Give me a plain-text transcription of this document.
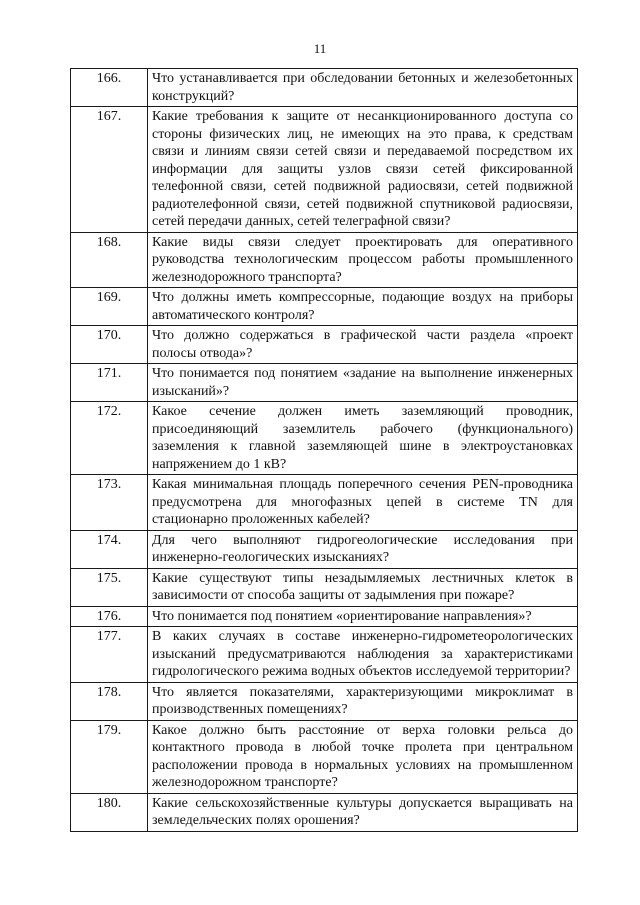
11
166.	Что устанавливается при обследовании бетонных и железобетонных конструкций?
167.	Какие требования к защите от несанкционированного доступа со стороны физических лиц, не имеющих на это права, к средствам связи и линиям связи сетей связи и передаваемой посредством их информации для защиты узлов связи сетей фиксированной телефонной связи, сетей подвижной радиосвязи, сетей подвижной радиотелефонной связи, сетей подвижной спутниковой радиосвязи, сетей передачи данных, сетей телеграфной связи?
168.	Какие виды связи следует проектировать для оперативного руководства технологическим процессом работы промышленного железнодорожного транспорта?
169.	Что должны иметь компрессорные, подающие воздух на приборы автоматического контроля?
170.	Что должно содержаться в графической части раздела «проект полосы отвода»?
171.	Что понимается под понятием «задание на выполнение инженерных изысканий»?
172.	Какое сечение должен иметь заземляющий проводник, присоединяющий заземлитель рабочего (функционального) заземления к главной заземляющей шине в электроустановках напряжением до 1 кВ?
173.	Какая минимальная площадь поперечного сечения PEN-проводника предусмотрена для многофазных цепей в системе TN для стационарно проложенных кабелей?
174.	Для чего выполняют гидрогеологические исследования при инженерно-геологических изысканиях?
175.	Какие существуют типы незадымляемых лестничных клеток в зависимости от способа защиты от задымления при пожаре?
176.	Что понимается под понятием «ориентирование направления»?
177.	В каких случаях в составе инженерно-гидрометеорологических изысканий предусматриваются наблюдения за характеристиками гидрологического режима водных объектов исследуемой территории?
178.	Что является показателями, характеризующими микроклимат в производственных помещениях?
179.	Какое должно быть расстояние от верха головки рельса до контактного провода в любой точке пролета при центральном расположении провода в нормальных условиях на промышленном железнодорожном транспорте?
180.	Какие сельскохозяйственные культуры допускается выращивать на земледельческих полях орошения?
